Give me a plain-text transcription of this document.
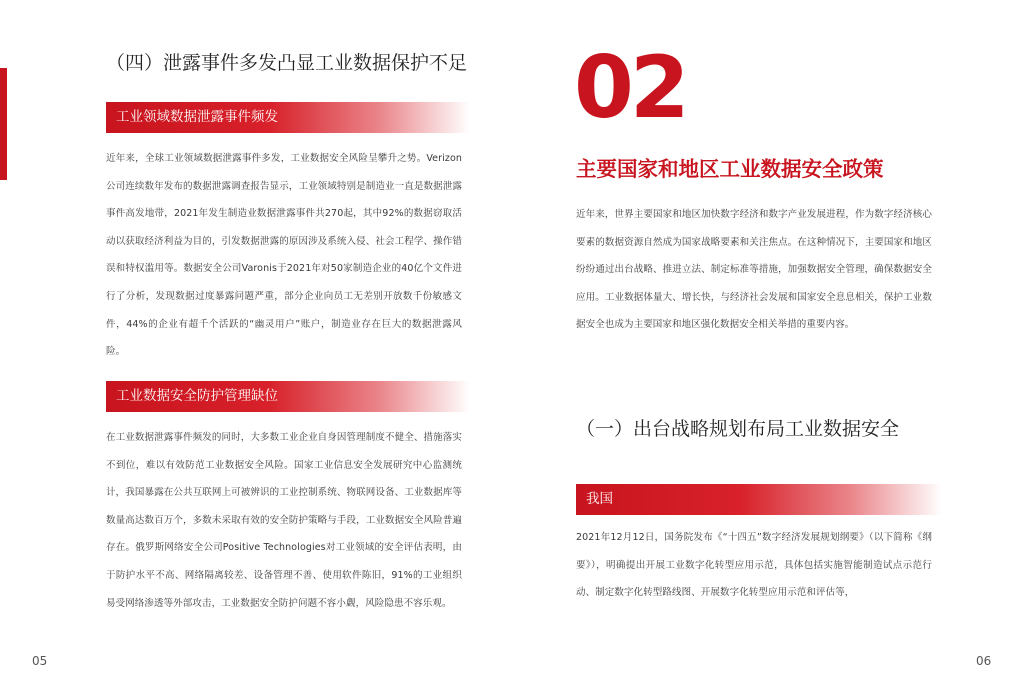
（四）泄露事件多发凸显工业数据保护不足
工业领域数据泄露事件频发
近年来，全球工业领域数据泄露事件多发，工业数据安全风险呈攀升之势。Verizon公司连续数年发布的数据泄露调查报告显示，工业领域特别是制造业一直是数据泄露事件高发地带，2021年发生制造业数据泄露事件共270起，其中92%的数据窃取活动以获取经济利益为目的，引发数据泄露的原因涉及系统入侵、社会工程学、操作错误和特权滥用等。数据安全公司Varonis于2021年对50家制造企业的40亿个文件进行了分析，发现数据过度暴露问题严重，部分企业向员工无差别开放数千份敏感文件，44%的企业有超千个活跃的“幽灵用户”账户，制造业存在巨大的数据泄露风险。
工业数据安全防护管理缺位
在工业数据泄露事件频发的同时，大多数工业企业自身因管理制度不健全、措施落实不到位，难以有效防范工业数据安全风险。国家工业信息安全发展研究中心监测统计，我国暴露在公共互联网上可被辨识的工业控制系统、物联网设备、工业数据库等数量高达数百万个，多数未采取有效的安全防护策略与手段，工业数据安全风险普遍存在。俄罗斯网络安全公司Positive Technologies对工业领域的安全评估表明，由于防护水平不高、网络隔离较差、设备管理不善、使用软件陈旧，91%的工业组织易受网络渗透等外部攻击，工业数据安全防护问题不容小觑，风险隐患不容乐观。
05
02
主要国家和地区工业数据安全政策
近年来，世界主要国家和地区加快数字经济和数字产业发展进程，作为数字经济核心要素的数据资源自然成为国家战略要素和关注焦点。在这种情况下，主要国家和地区纷纷通过出台战略、推进立法、制定标准等措施，加强数据安全管理，确保数据安全应用。工业数据体量大、增长快，与经济社会发展和国家安全息息相关，保护工业数据安全也成为主要国家和地区强化数据安全相关举措的重要内容。
（一）出台战略规划布局工业数据安全
我国
2021年12月12日，国务院发布《“十四五”数字经济发展规划纲要》（以下简称《纲要》），明确提出开展工业数字化转型应用示范，具体包括实施智能制造试点示范行动、制定数字化转型路线图、开展数字化转型应用示范和评估等，
06
